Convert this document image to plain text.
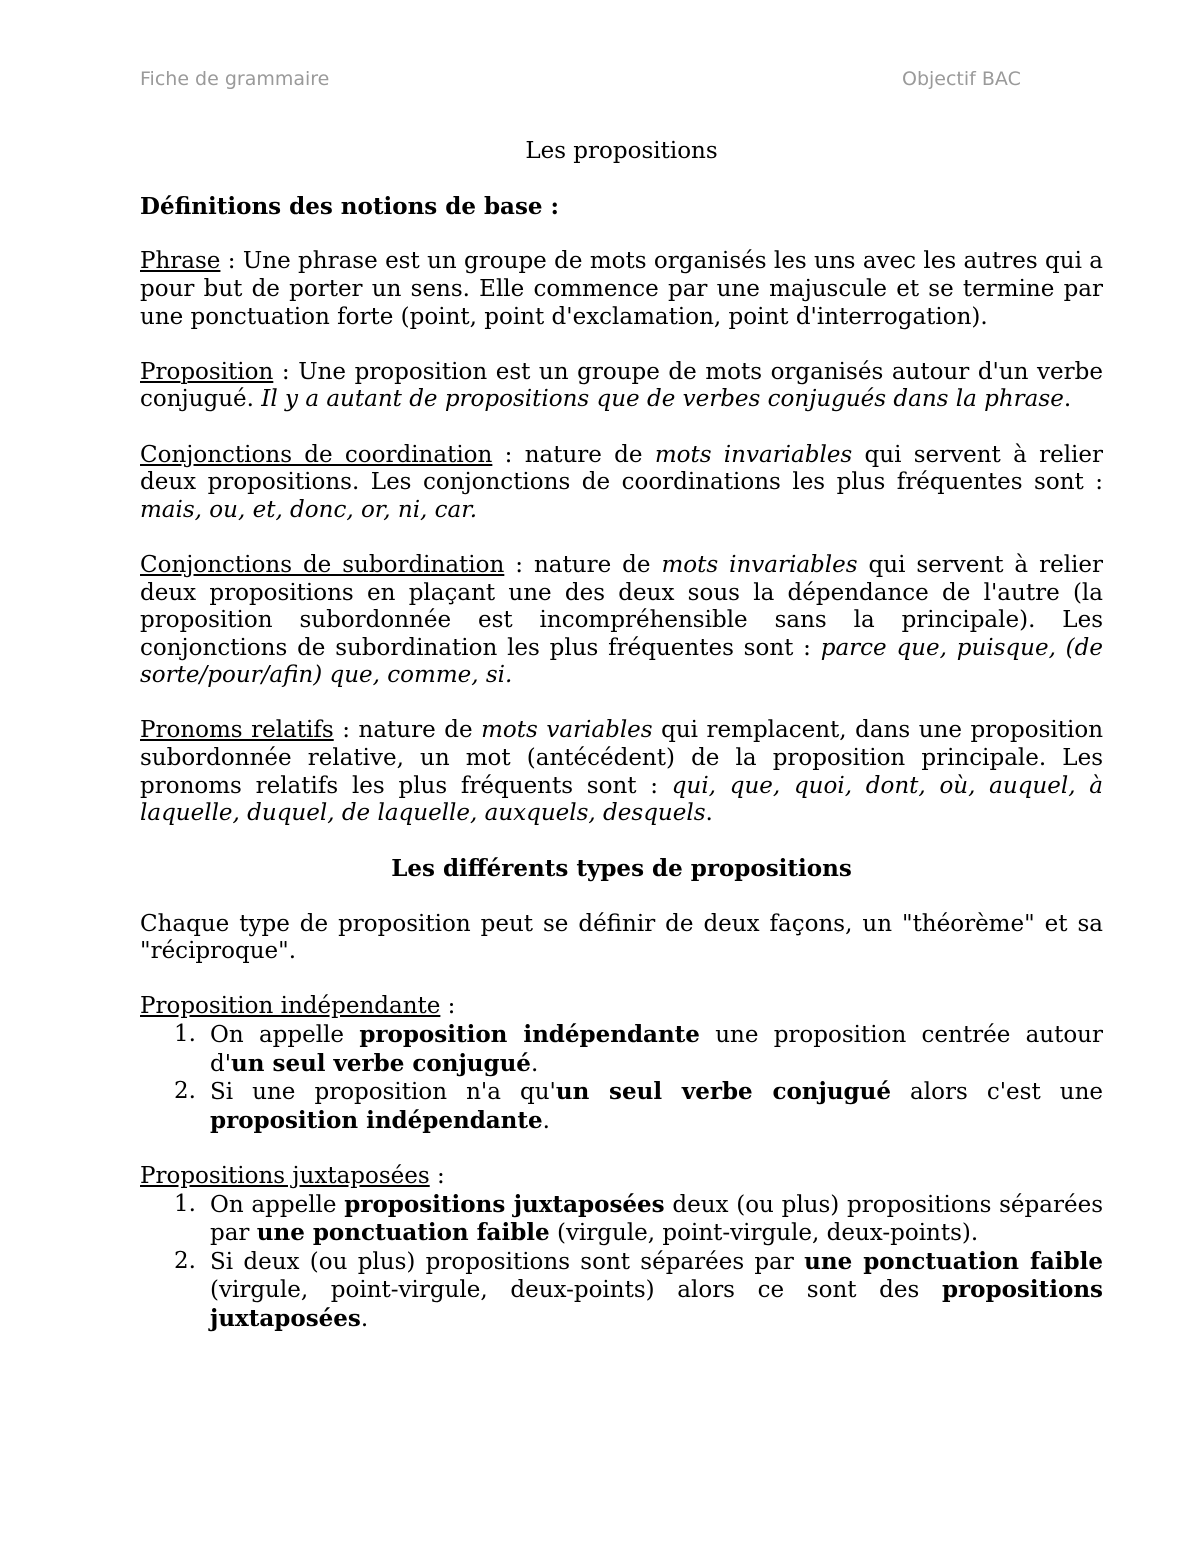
Fiche de grammaire	Objectif BAC

Les propositions

Définitions des notions de base :

Phrase : Une phrase est un groupe de mots organisés les uns avec les autres qui a pour but de porter un sens. Elle commence par une majuscule et se termine par une ponctuation forte (point, point d'exclamation, point d'interrogation).

Proposition : Une proposition est un groupe de mots organisés autour d'un verbe conjugué. Il y a autant de propositions que de verbes conjugués dans la phrase.

Conjonctions de coordination : nature de mots invariables qui servent à relier deux propositions. Les conjonctions de coordinations les plus fréquentes sont : mais, ou, et, donc, or, ni, car.

Conjonctions de subordination : nature de mots invariables qui servent à relier deux propositions en plaçant une des deux sous la dépendance de l'autre (la proposition subordonnée est incompréhensible sans la principale). Les conjonctions de subordination les plus fréquentes sont : parce que, puisque, (de sorte/pour/afin) que, comme, si.

Pronoms relatifs : nature de mots variables qui remplacent, dans une proposition subordonnée relative, un mot (antécédent) de la proposition principale. Les pronoms relatifs les plus fréquents sont : qui, que, quoi, dont, où, auquel, à laquelle, duquel, de laquelle, auxquels, desquels.

Les différents types de propositions

Chaque type de proposition peut se définir de deux façons, un "théorème" et sa "réciproque".

Proposition indépendante :

1. On appelle proposition indépendante une proposition centrée autour d'un seul verbe conjugué.
2. Si une proposition n'a qu'un seul verbe conjugué alors c'est une proposition indépendante.

Propositions juxtaposées :

1. On appelle propositions juxtaposées deux (ou plus) propositions séparées par une ponctuation faible (virgule, point-virgule, deux-points).
2. Si deux (ou plus) propositions sont séparées par une ponctuation faible (virgule, point-virgule, deux-points) alors ce sont des propositions juxtaposées.
